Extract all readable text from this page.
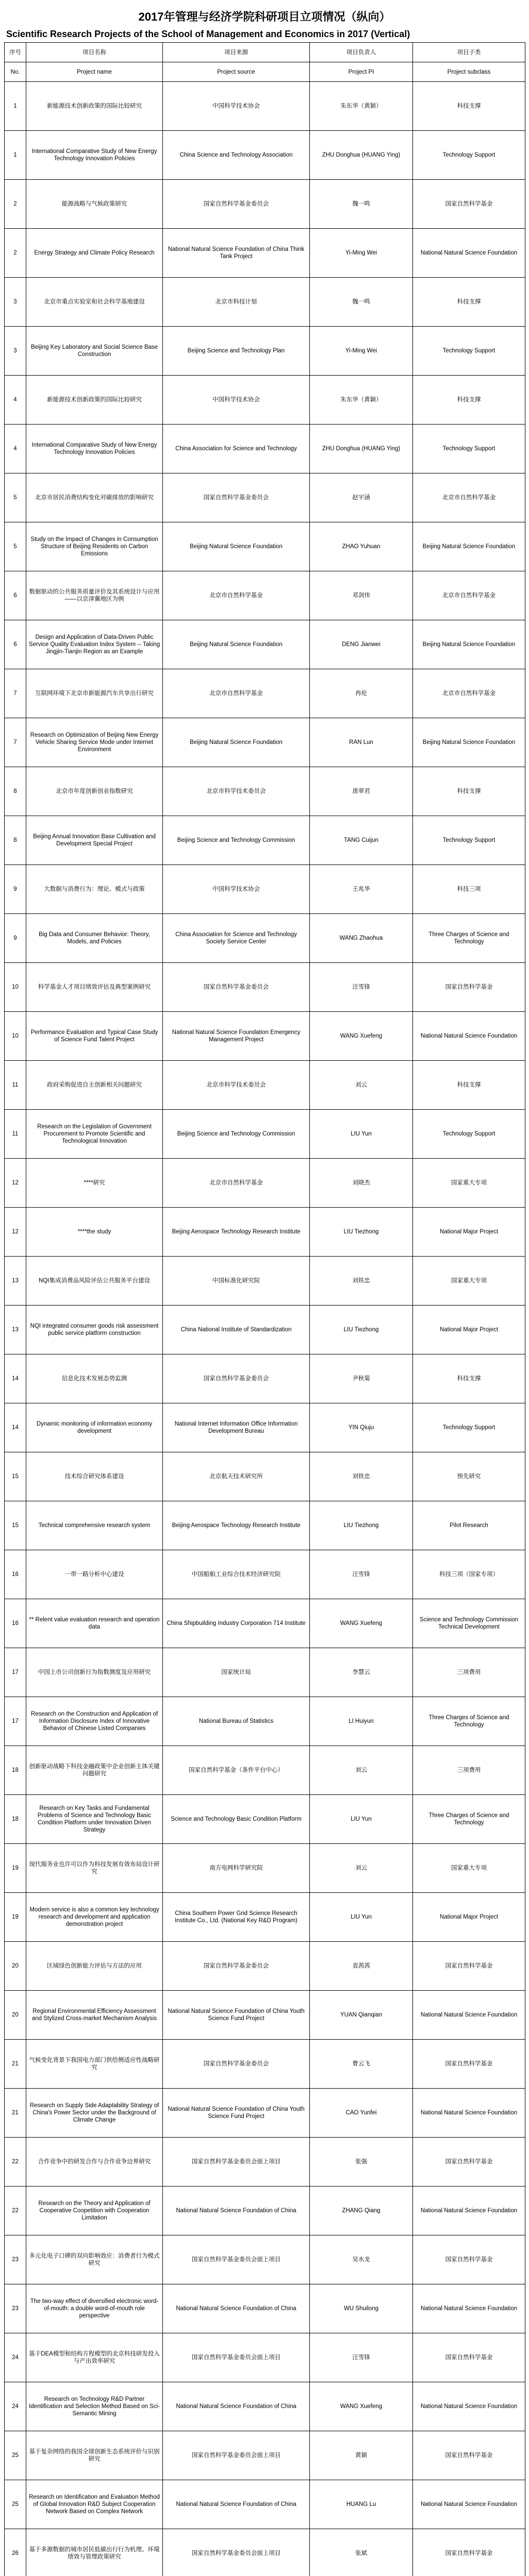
2017年管理与经济学院科研项目立项情况（纵向）
Scientific Research Projects of the School of Management and Economics in 2017 (Vertical)
序号	项目名称	项目来源	项目负责人	项目子类
No.	Project name	Project source	Project PI	Project subclass
1	新能源技术创新政策的国际比较研究	中国科学技术协会	朱东华（黄颖）	科技支撑
1	International Comparative Study of New Energy Technology Innovation Policies	China Science and Technology Association	ZHU Donghua (HUANG Ying)	Technology Support
2	能源战略与气候政策研究	国家自然科学基金委员会	魏一鸣	国家自然科学基金
2	Energy Strategy and Climate Policy Research	National Natural Science Foundation of China Think Tank Project	Yi-Ming Wei	National Natural Science Foundation
3	北京市重点实验室和社会科学基地建设	北京市科技计划	魏一鸣	科技支撑
3	Beijing Key Laboratory and Social Science Base Construction	Beijing Science and Technology Plan	Yi-Ming Wei	Technology Support
4	新能源技术创新政策的国际比较研究	中国科学技术协会	朱东华（黄颖）	科技支撑
4	International Comparative Study of New Energy Technology Innovation Policies	China Association for Science and Technology	ZHU Donghua (HUANG Ying)	Technology Support
5	北京市居民消费结构变化对碳排放的影响研究	国家自然科学基金委员会	赵宇涵	北京市自然科学基金
5	Study on the Impact of Changes in Consumption Structure of Beijing Residents on Carbon Emissions	Beijing Natural Science Foundation	ZHAO Yuhuan	Beijing Natural Science Foundation
6	数据驱动的公共服务质量评价及其系统设计与应用——以京津冀地区为例	北京市自然科学基金	邓剑伟	北京市自然科学基金
6	Design and Application of Data-Driven Public Service Quality Evaluation Index System -- Taking Jingjin-Tianjin Region as an Example	Beijing Natural Science Foundation	DENG Jianwei	Beijing Natural Science Foundation
7	互联网环境下北京市新能源汽车共享出行研究	北京市自然科学基金	冉伦	北京市自然科学基金
7	Research on Optimization of Beijing New Energy Vehicle Sharing Service Mode under Internet Environment	Beijing Natural Science Foundation	RAN Lun	Beijing Natural Science Foundation
8	北京市年度创新创业指数研究	北京市科学技术委员会	唐翠君	科技支撑
8	Beijing Annual Innovation Base Cultivation and Development Special Project	Beijing Science and Technology Commission	TANG Cuijun	Technology Support
9	大数据与消费行为：理论、模式与政策	中国科学技术协会	王兆华	科技三项
9	Big Data and Consumer Behavior: Theory, Models, and Policies	China Association for Science and Technology Society Service Center	WANG Zhaohua	Three Charges of Science and Technology
10	科学基金人才项目绩效评估及典型案例研究	国家自然科学基金委员会	汪雪锋	国家自然科学基金
10	Performance Evaluation and Typical Case Study of Science Fund Talent Project	National Natural Science Foundation Emergency Management Project	WANG Xuefeng	National Natural Science Foundation
11	政府采购促进自主创新相关问题研究	北京市科学技术委员会	刘云	科技支撑
11	Research on the Legislation of Government Procurement to Promote Scientific and Technological Innovation	Beijing Science and Technology Commission	LIU Yun	Technology Support
12	****研究	北京市自然科学基金	刘晓杰	国家重大专项
12	****the study	Beijing Aerospace Technology Research Institute	LIU Tiezhong	National Major Project
13	NQI集成消费品风险评估公共服务平台建设	中国标准化研究院	刘铁忠	国家重大专项
13	NQI integrated consumer goods risk assessment public service platform construction	China National Institute of Standardization	LIU Tiezhong	National Major Project
14	信息化技术发展态势监测	国家自然科学基金委员会	尹秋菊	科技支撑
14	Dynamic monitoring of information economy development	National Internet Information Office Information Development Bureau	YIN Qiuju	Technology Support
15	技术综合研究体系建设	北京航天技术研究所	刘铁忠	预先研究
15	Technical comprehensive research system	Beijing Aerospace Technology Research Institute	LIU Tiezhong	Pilot Research
16	一带一路分析中心建设	中国船舶工业综合技术经济研究院	汪雪锋	科技三项（国家专项）
16	** Relent value evaluation research and operation data	China Shipbuilding Industry Corporation 714 Institute	WANG Xuefeng	Science and Technology Commission Technical Development
17	中国上市公司创新行为指数测度及应用研究	国家统计局	李慧云	三项费用
17	Research on the Construction and Application of Information Disclosure Index of Innovative Behavior of Chinese Listed Companies	National Bureau of Statistics	LI Huiyun	Three Charges of Science and Technology
18	创新驱动战略下科技金融政策中企业创新主体关键问题研究	国家自然科学基金（条件平台中心）	刘云	三项费用
18	Research on Key Tasks and Fundamental Problems of Science and Technology Basic Condition Platform under Innovation Driven Strategy	Science and Technology Basic Condition Platform	LIU Yun	Three Charges of Science and Technology
19	现代服务业也许可以作为科技发展有效布局设计研究	南方电网科学研究院	刘云	国家重大专项
19	Modern service is also a common key technology research and development and application demonstration project	China Southern Power Grid Science Research Institute Co., Ltd. (National Key R&D Program)	LIU Yun	National Major Project
20	区域绿色创新能力评估与方法的应用	国家自然科学基金委员会	袁茜茜	国家自然科学基金
20	Regional Environmental Efficiency Assessment and Stylized Cross-market Mechanism Analysis	National Natural Science Foundation of China Youth Science Fund Project	YUAN Qianqian	National Natural Science Foundation
21	气候变化背景下我国电力部门供给侧适应性战略研究	国家自然科学基金委员会	曹云飞	国家自然科学基金
21	Research on Supply Side Adaptability Strategy of China's Power Sector under the Background of Climate Change	National Natural Science Foundation of China Youth Science Fund Project	CAO Yunfei	National Natural Science Foundation
22	合作竞争中的研发合作与合作竞争边界研究	国家自然科学基金委员会面上项目	张强	国家自然科学基金
22	Research on the Theory and Application of Cooperative Coopetition with Cooperation Limitation	National Natural Science Foundation of China	ZHANG Qiang	National Natural Science Foundation
23	多元化电子口碑的双向影响效应：消费者行为模式研究	国家自然科学基金委员会面上项目	吴水龙	国家自然科学基金
23	The two-way effect of diversified electronic word-of-mouth: a double word-of-mouth role perspective	National Natural Science Foundation of China	WU Shuilong	National Natural Science Foundation
24	基于DEA模型和结构方程模型的北京科技研发投入与产出效率研究	国家自然科学基金委员会面上项目	汪雪锋	国家自然科学基金
24	Research on Technology R&D Partner Identification and Selection Method Based on Sci-Semantic Mining	National Natural Science Foundation of China	WANG Xuefeng	National Natural Science Foundation
25	基于复杂网络的我国全球创新生态系统评价与识别研究	国家自然科学基金委员会面上项目	黄颖	国家自然科学基金
25	Research on Identification and Evaluation Method of Global Innovation R&D Subject Cooperation Network Based on Complex Network	National Natural Science Foundation of China	HUANG Lu	National Natural Science Foundation
26	基于多源数据的城市居民低碳出行行为机理、环境绩效与管理政策研究	国家自然科学基金委员会面上项目	张斌	国家自然科学基金
